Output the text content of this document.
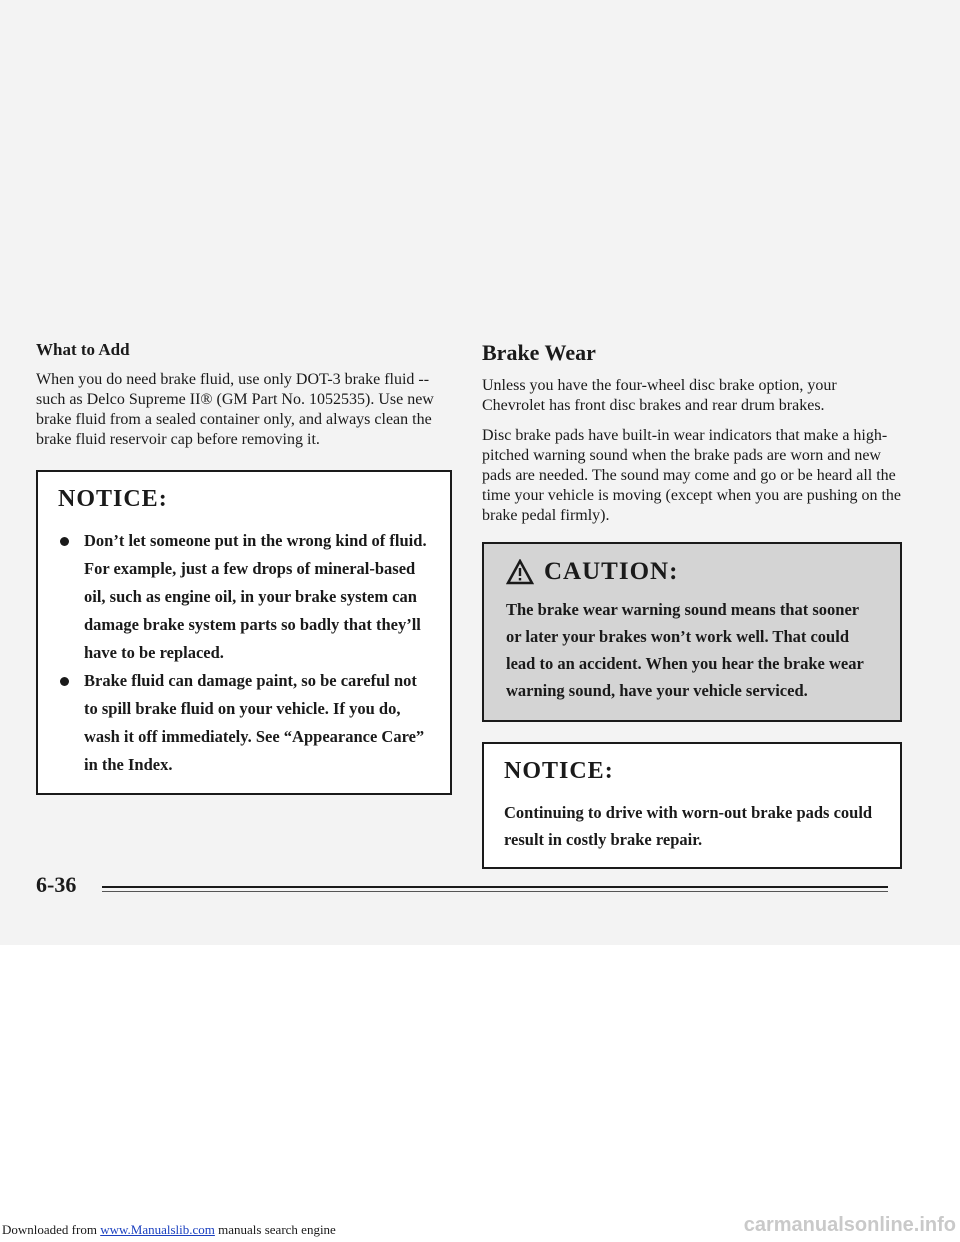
What to Add

When you do need brake fluid, use only DOT-3 brake fluid -- such as Delco Supreme II® (GM Part No. 1052535). Use new brake fluid from a sealed container only, and always clean the brake fluid reservoir cap before removing it.

NOTICE:
Don’t let someone put in the wrong kind of fluid. For example, just a few drops of mineral-based oil, such as engine oil, in your brake system can damage brake system parts so badly that they’ll have to be replaced.
Brake fluid can damage paint, so be careful not to spill brake fluid on your vehicle. If you do, wash it off immediately. See “Appearance Care” in the Index.
Brake Wear

Unless you have the four-wheel disc brake option, your Chevrolet has front disc brakes and rear drum brakes.

Disc brake pads have built-in wear indicators that make a high-pitched warning sound when the brake pads are worn and new pads are needed. The sound may come and go or be heard all the time your vehicle is moving (except when you are pushing on the brake pedal firmly).

CAUTION:

The brake wear warning sound means that sooner or later your brakes won’t work well. That could lead to an accident. When you hear the brake wear warning sound, have your vehicle serviced.

NOTICE:

Continuing to drive with worn-out brake pads could result in costly brake repair.

6-36
Downloaded from www.Manualslib.com manuals search engine	carmanualsonline.info
